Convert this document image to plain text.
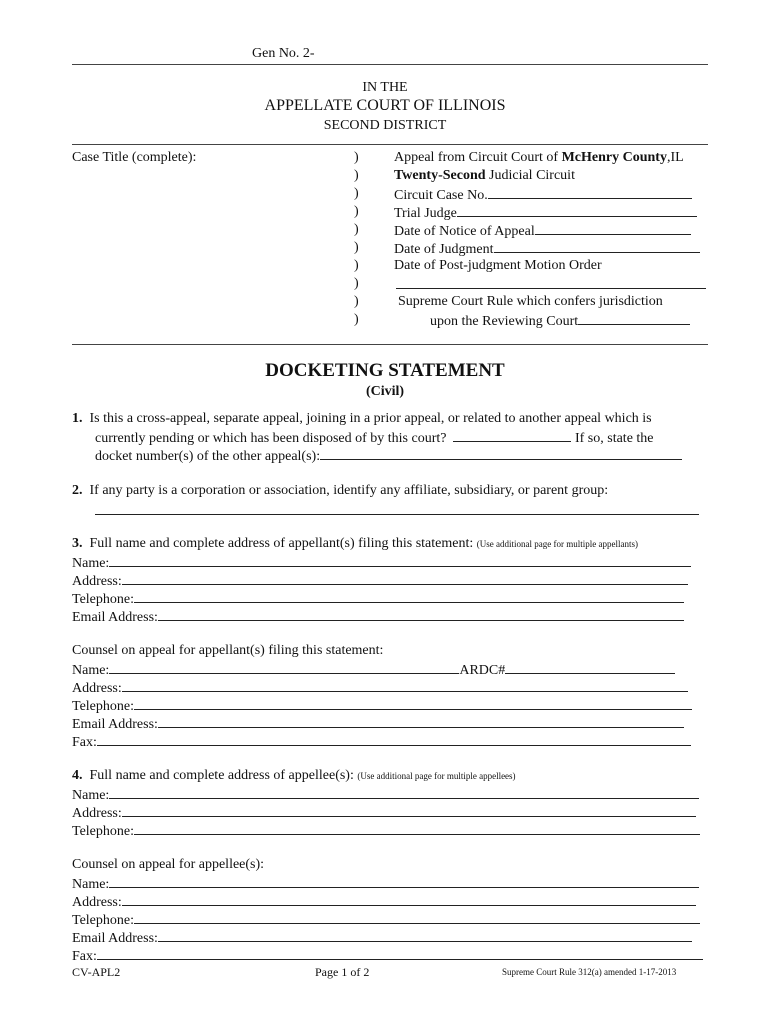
Gen No. 2-
IN THE
APPELLATE COURT OF ILLINOIS
SECOND DISTRICT
Case Title (complete):	)
)
)
)
)
)
)
)
)
)
Appeal from Circuit Court of McHenry County,IL
Twenty-Second Judicial Circuit
Circuit Case No.
Trial Judge
Date of Notice of Appeal
Date of Judgment
Date of Post-judgment Motion Order
Supreme Court Rule which confers jurisdiction
upon the Reviewing Court
DOCKETING STATEMENT
(Civil)
1. Is this a cross-appeal, separate appeal, joining in a prior appeal, or related to another appeal which is
currently pending or which has been disposed of by this court?	If so, state the
docket number(s) of the other appeal(s):
2. If any party is a corporation or association, identify any affiliate, subsidiary, or parent group:
3. Full name and complete address of appellant(s) filing this statement: (Use additional page for multiple appellants)
Name:
Address:
Telephone:
Email Address:
Counsel on appeal for appellant(s) filing this statement:
Name:	ARDC#
Address:
Telephone:
Email Address:
Fax:
4. Full name and complete address of appellee(s): (Use additional page for multiple appellees)
Name:
Address:
Telephone:
Counsel on appeal for appellee(s):
Name:
Address:
Telephone:
Email Address:
Fax:
CV-APL2	Page 1 of 2	Supreme Court Rule 312(a) amended 1-17-2013
